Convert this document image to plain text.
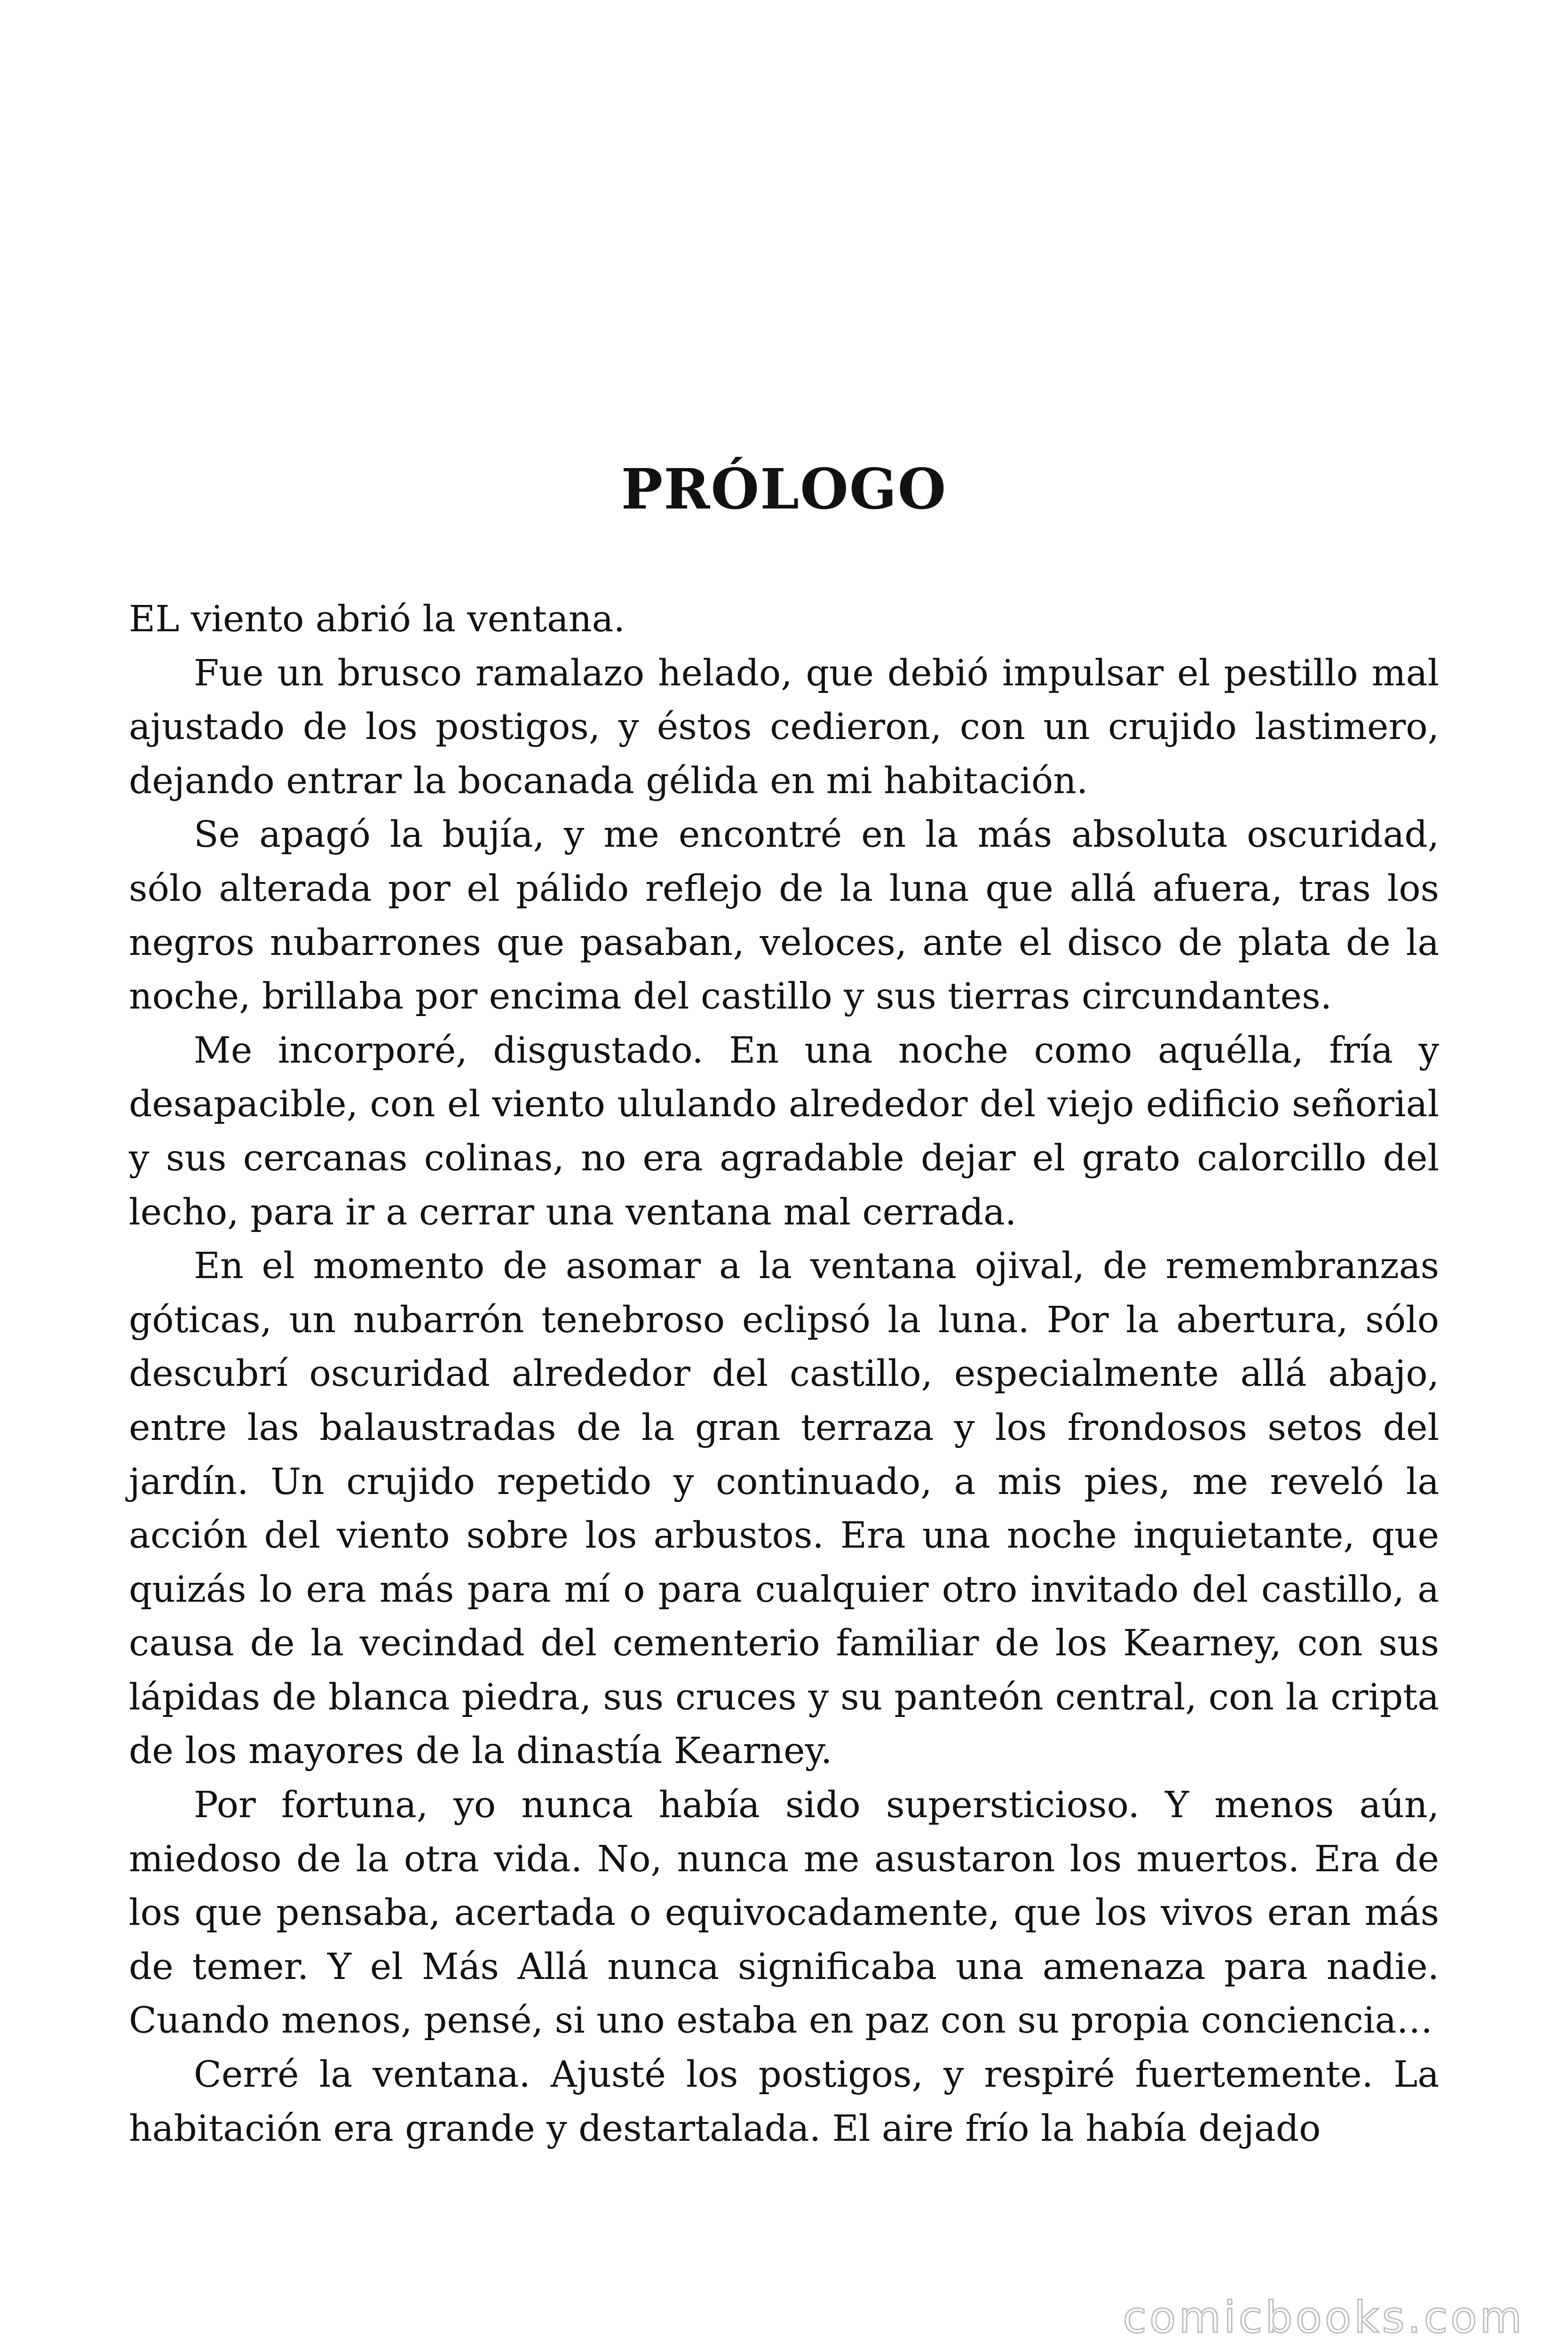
PRÓLOGO

EL viento abrió la ventana.

Fue un brusco ramalazo helado, que debió impulsar el pestillo mal ajustado de los postigos, y éstos cedieron, con un crujido lastimero, dejando entrar la bocanada gélida en mi habitación.

Se apagó la bujía, y me encontré en la más absoluta oscuridad, sólo alterada por el pálido reflejo de la luna que allá afuera, tras los negros nubarrones que pasaban, veloces, ante el disco de plata de la noche, brillaba por encima del castillo y sus tierras circundantes.

Me incorporé, disgustado. En una noche como aquélla, fría y desapacible, con el viento ululando alrededor del viejo edificio señorial y sus cercanas colinas, no era agradable dejar el grato calorcillo del lecho, para ir a cerrar una ventana mal cerrada.

En el momento de asomar a la ventana ojival, de remembranzas góticas, un nubarrón tenebroso eclipsó la luna. Por la abertura, sólo descubrí oscuridad alrededor del castillo, especialmente allá abajo, entre las balaustradas de la gran terraza y los frondosos setos del jardín. Un crujido repetido y continuado, a mis pies, me reveló la acción del viento sobre los arbustos. Era una noche inquietante, que quizás lo era más para mí o para cualquier otro invitado del castillo, a causa de la vecindad del cementerio familiar de los Kearney, con sus lápidas de blanca piedra, sus cruces y su panteón central, con la cripta de los mayores de la dinastía Kearney.

Por fortuna, yo nunca había sido supersticioso. Y menos aún, miedoso de la otra vida. No, nunca me asustaron los muertos. Era de los que pensaba, acertada o equivocadamente, que los vivos eran más de temer. Y el Más Allá nunca significaba una amenaza para nadie. Cuando menos, pensé, si uno estaba en paz con su propia conciencia…

Cerré la ventana. Ajusté los postigos, y respiré fuertemente. La habitación era grande y destartalada. El aire frío la había dejado

comicbooks.com
